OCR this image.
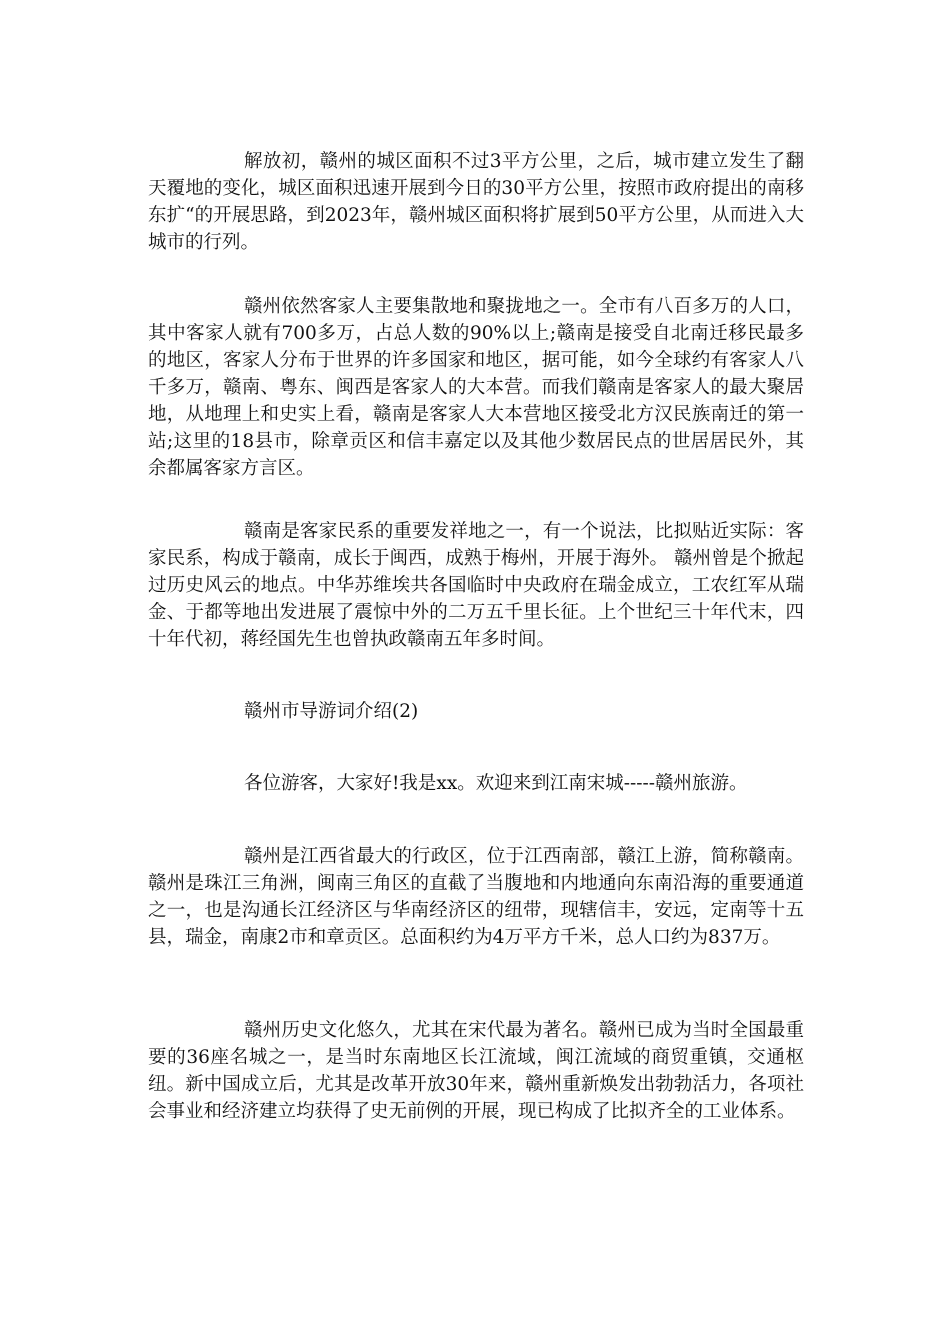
解放初，赣州的城区面积不过3平方公里，之后，城市建立发生了翻天覆地的变化，城区面积迅速开展到今日的30平方公里，按照市政府提出的南移东扩“的开展思路，到2023年，赣州城区面积将扩展到50平方公里，从而进入大城市的行列。

赣州依然客家人主要集散地和聚拢地之一。全市有八百多万的人口，其中客家人就有700多万，占总人数的90%以上;赣南是接受自北南迁移民最多的地区，客家人分布于世界的许多国家和地区，据可能，如今全球约有客家人八千多万，赣南、粤东、闽西是客家人的大本营。而我们赣南是客家人的最大聚居地，从地理上和史实上看，赣南是客家人大本营地区接受北方汉民族南迁的第一站;这里的18县市，除章贡区和信丰嘉定以及其他少数居民点的世居居民外，其余都属客家方言区。

赣南是客家民系的重要发祥地之一，有一个说法，比拟贴近实际：客家民系，构成于赣南，成长于闽西，成熟于梅州，开展于海外。 赣州曾是个掀起过历史风云的地点。中华苏维埃共各国临时中央政府在瑞金成立，工农红军从瑞金、于都等地出发进展了震惊中外的二万五千里长征。上个世纪三十年代末，四十年代初，蒋经国先生也曾执政赣南五年多时间。

赣州市导游词介绍(2)

各位游客，大家好!我是xx。欢迎来到江南宋城-----赣州旅游。

赣州是江西省最大的行政区，位于江西南部，赣江上游，简称赣南。赣州是珠江三角洲，闽南三角区的直截了当腹地和内地通向东南沿海的重要通道之一，也是沟通长江经济区与华南经济区的纽带，现辖信丰，安远，定南等十五县，瑞金，南康2市和章贡区。总面积约为4万平方千米，总人口约为837万。

赣州历史文化悠久，尤其在宋代最为著名。赣州已成为当时全国最重要的36座名城之一，是当时东南地区长江流域，闽江流域的商贸重镇，交通枢纽。新中国成立后，尤其是改革开放30年来，赣州重新焕发出勃勃活力，各项社会事业和经济建立均获得了史无前例的开展，现已构成了比拟齐全的工业体系。
